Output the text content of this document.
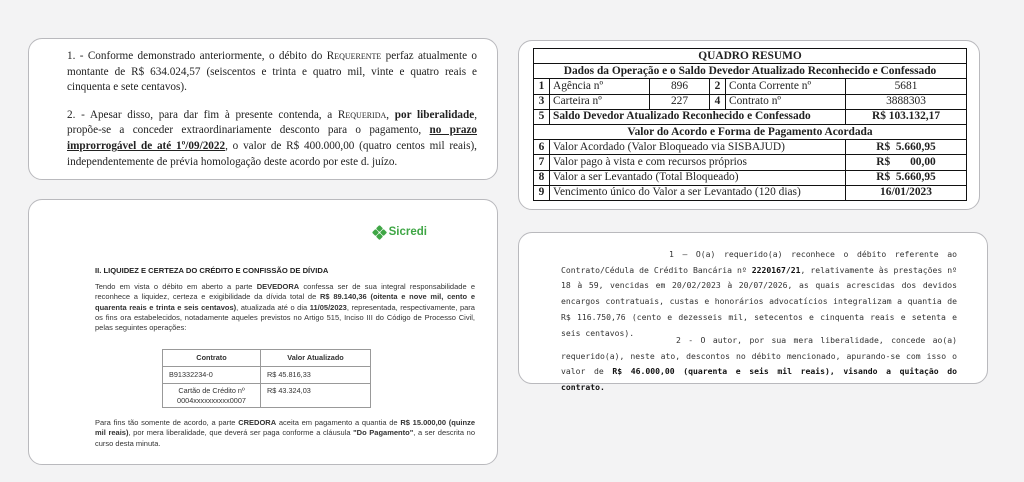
1. - Conforme demonstrado anteriormente, o débito do Requerente perfaz atualmente o montante de R$ 634.024,57 (seiscentos e trinta e quatro mil, vinte e quatro reais e cinquenta e sete centavos).

2. - Apesar disso, para dar fim à presente contenda, a Requerida, por liberalidade, propõe-se a conceder extraordinariamente desconto para o pagamento, no prazo improrrogável de até 1º/09/2022, o valor de R$ 400.000,00 (quatro centos mil reais), independentemente de prévia homologação deste acordo por este d. juízo.

QUADRO RESUMO					
Dados da Operação e o Saldo Devedor Atualizado Reconhecido e Confessado					
1	Agência nº	896	2	Conta Corrente nº	5681
3	Carteira nº	227	4	Contrato nº	3888303
5	Saldo Devedor Atualizado Reconhecido e Confessado				R$ 103.132,17
Valor do Acordo e Forma de Pagamento Acordada					
6	Valor Acordado (Valor Bloqueado via SISBAJUD)				R$  5.660,95
7	Valor pago à vista e com recursos próprios				R$       00,00
8	Valor a ser Levantado (Total Bloqueado)				R$  5.660,95
9	Vencimento único do Valor a ser Levantado (120 dias)				16/01/2023
Sicredi
II. LIQUIDEZ E CERTEZA DO CRÉDITO E CONFISSÃO DE DÍVIDA

Tendo em vista o débito em aberto a parte DEVEDORA confessa ser de sua integral responsabilidade e reconhece a liquidez, certeza e exigibilidade da dívida total de R$ 89.140,36 (oitenta e nove mil, cento e quarenta reais e trinta e seis centavos), atualizada até o dia 11/05/2023, representada, respectivamente, para os fins ora estabelecidos, notadamente aqueles previstos no Artigo 515, Inciso III do Código de Processo Civil, pelas seguintes operações:

Contrato	Valor Atualizado
B91332234-0	R$ 45.816,33
Cartão de Crédito nº
0004xxxxxxxxxx0007	R$ 43.324,03

Para fins tão somente de acordo, a parte CREDORA aceita em pagamento a quantia de R$ 15.000,00 (quinze mil reais), por mera liberalidade, que deverá ser paga conforme a cláusula "Do Pagamento", a ser descrita no curso desta minuta.

1 – O(a) requerido(a) reconhece o débito referente ao Contrato/Cédula de Crédito Bancária nº 2220167/21, relativamente às prestações nº 18 à 59, vencidas em 20/02/2023 à 20/07/2026, as quais acrescidas dos devidos encargos contratuais, custas e honorários advocatícios integralizam a quantia de R$ 116.750,76 (cento e dezesseis mil, setecentos e cinquenta reais e setenta e seis centavos).

2 - O autor, por sua mera liberalidade, concede ao(a) requerido(a), neste ato, descontos no débito mencionado, apurando-se com isso o valor de R$ 46.000,00 (quarenta e seis mil reais), visando a quitação do contrato.
